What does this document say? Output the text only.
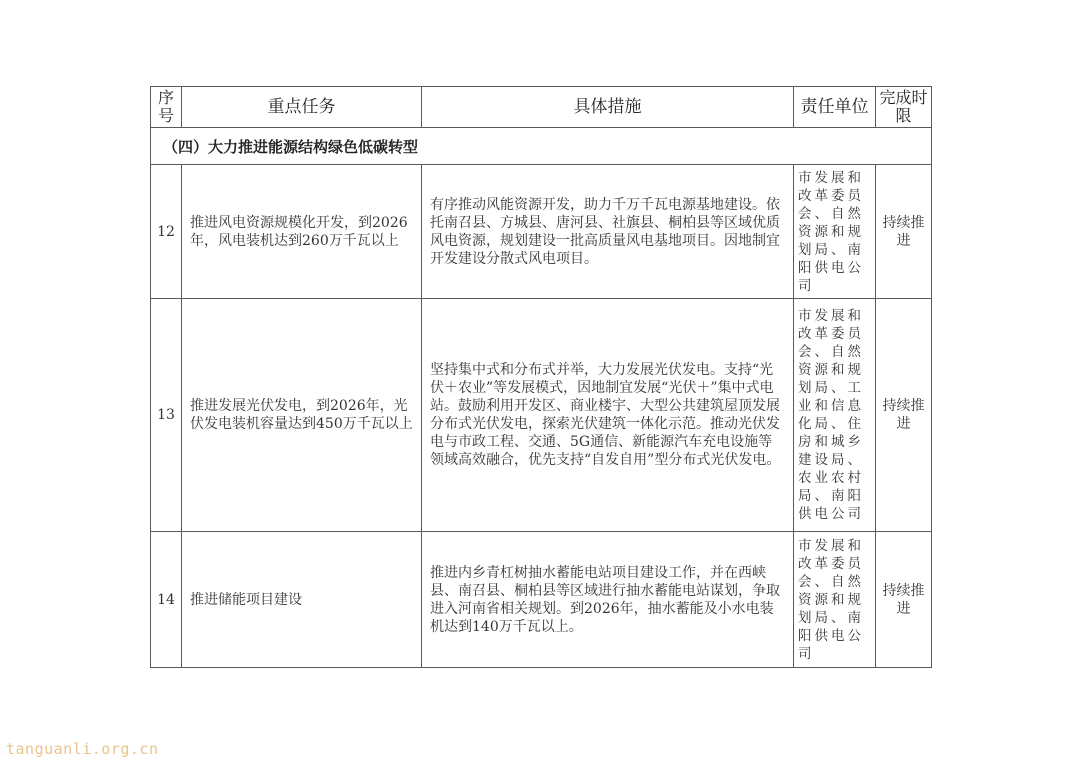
序号	重点任务	具体措施	责任单位	完成时限
（四）大力推进能源结构绿色低碳转型				
12	推进风电资源规模化开发，到2026年，风电装机达到260万千瓦以上	有序推动风能资源开发，助力千万千瓦电源基地建设。依托南召县、方城县、唐河县、社旗县、桐柏县等区域优质风电资源，规划建设一批高质量风电基地项目。因地制宜开发建设分散式风电项目。	市发展和改革委员会、自然资源和规划局、南阳供电公司	持续推进
13	推进发展光伏发电，到2026年，光伏发电装机容量达到450万千瓦以上	坚持集中式和分布式并举，大力发展光伏发电。支持“光伏＋农业”等发展模式，因地制宜发展“光伏＋”集中式电站。鼓励利用开发区、商业楼宇、大型公共建筑屋顶发展分布式光伏发电，探索光伏建筑一体化示范。推动光伏发电与市政工程、交通、5G通信、新能源汽车充电设施等领域高效融合，优先支持“自发自用”型分布式光伏发电。	市发展和改革委员会、自然资源和规划局、工业和信息化局、住房和城乡建设局、农业农村局、南阳供电公司	持续推进
14	推进储能项目建设	推进内乡青杠树抽水蓄能电站项目建设工作，并在西峡县、南召县、桐柏县等区域进行抽水蓄能电站谋划，争取进入河南省相关规划。到2026年，抽水蓄能及小水电装机达到140万千瓦以上。	市发展和改革委员会、自然资源和规划局、南阳供电公司	持续推进
tanguanli.org.cn
